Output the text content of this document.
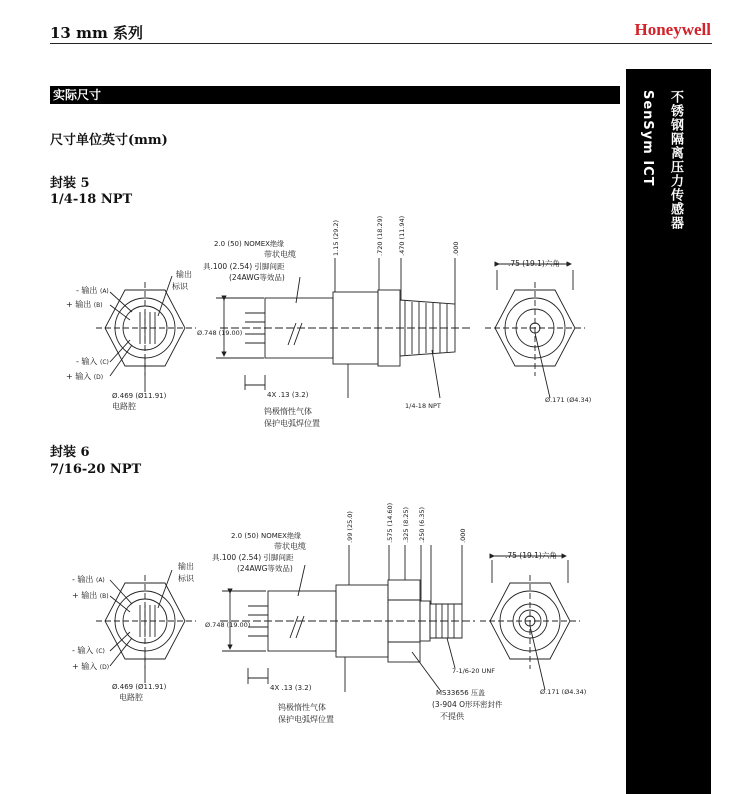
13 mm 系列	Honeywell
实际尺寸	不锈钢隔离压力传感器
SenSym ICT
尺寸单位英寸(mm)
封装 5
1/4-18 NPT
封装 6
7/16-20 NPT
- 输出 (A)
+ 输出 (B)
- 输入 (C)
+ 输入 (D)
输出
标识
Ø.469 (Ø11.91)
电路腔
2.0 (50) NOMEX绝缘
带状电缆
具.100 (2.54) 引脚间距
(24AWG等效品)
Ø.748 (19.00)
4X .13 (3.2)
钨极惰性气体
保护电弧焊位置
1/4-18 NPT
Ø.171 (Ø4.34)
.75 (19.1)六角
1.15 (29.2)	.720 (18.29) .470 (11.94)	.000
- 输出 (A)
+ 输出 (B)
- 输入 (C)
+ 输入 (D)
输出
标识
Ø.469 (Ø11.91)
电路腔
2.0 (50) NOMEX绝缘
带状电缆
具.100 (2.54) 引脚间距
(24AWG等效品)
Ø.748 (19.00)
4X .13 (3.2)
钨极惰性气体
保护电弧焊位置
7-1/6-20 UNF
MS33656 压盖
(3-904 O形环密封件
不提供
Ø.171 (Ø4.34)
.75 (19.1)六角
.99 (25.0)	.575 (14.60) .325 (8.25) .250 (6.35)	.000
